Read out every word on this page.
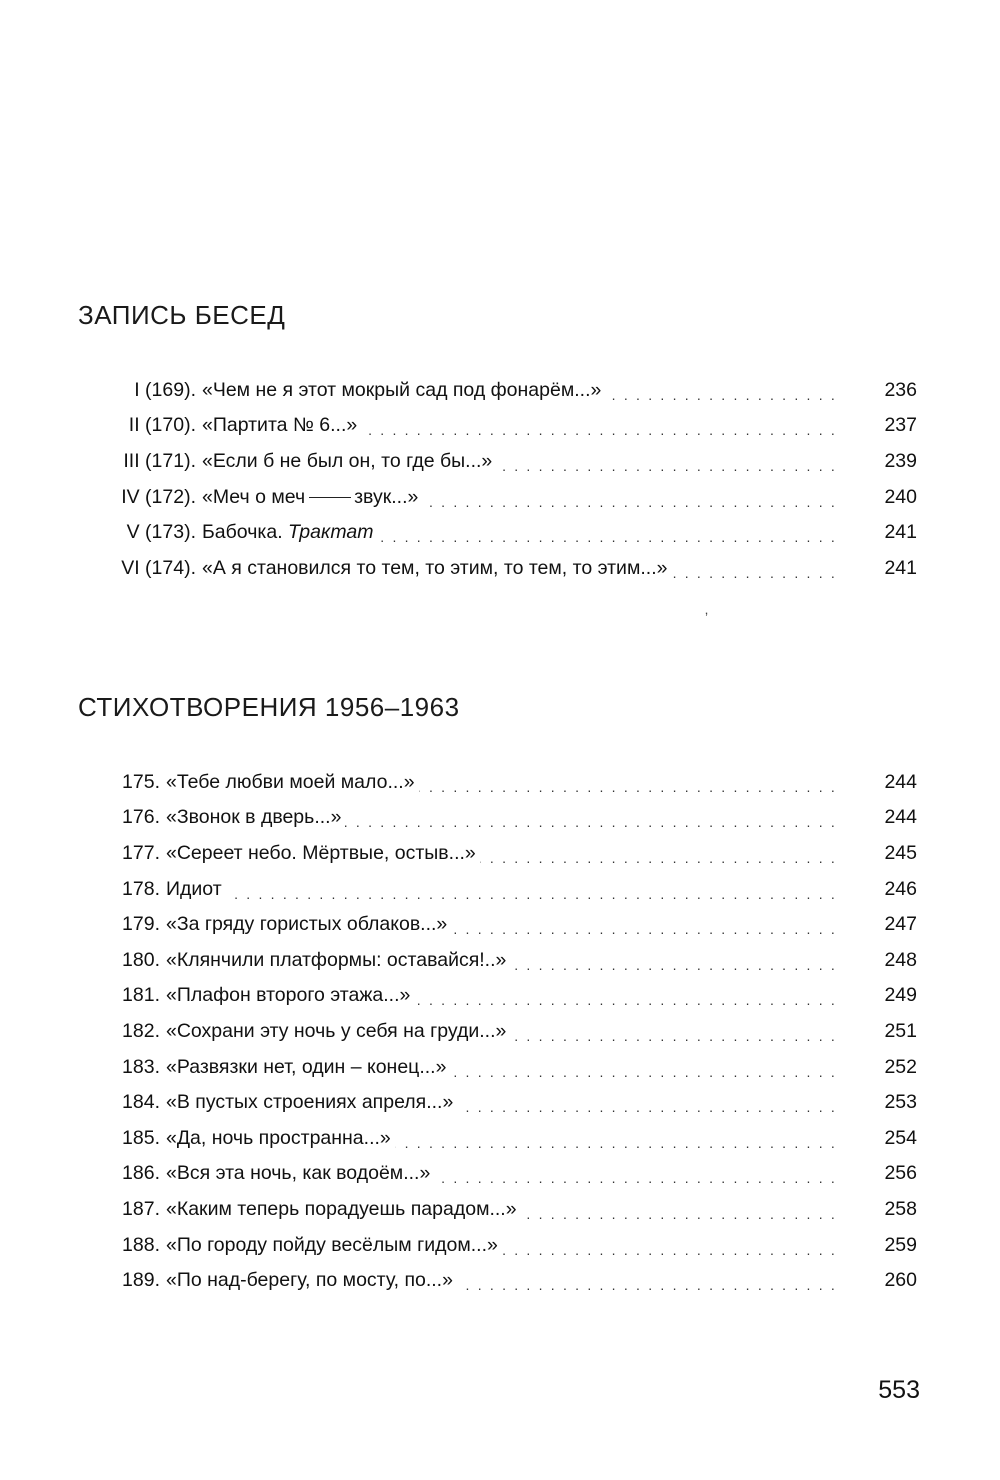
ЗАПИСЬ БЕСЕД
I (169). «Чем не я этот мокрый сад под фонарём...» . . .	236
II (170). «Партита № 6...» . . .	237
III (171). «Если б не был он, то где бы...» . . .	239
IV (172). «Меч о меч	звук...» . . .	240
V (173). Бабочка. Трактат . . .	241
VI (174). «А я становился то тем, то этим, то тем, то этим...» . . .	241
ʼ
СТИХОТВОРЕНИЯ 1956–1963
175. «Тебе любви моей мало...» . . .	244
176. «Звонок в дверь...» . . .	244
177. «Сереет небо. Мёртвые, остыв...» . . .	245
178. Идиот . . .	246
179. «За гряду гористых облаков...» . . .	247
180. «Клянчили платформы: оставайся!..» . . .	248
181. «Плафон второго этажа...» . . .	249
182. «Сохрани эту ночь у себя на груди...» . . .	251
183. «Развязки нет, один – конец...» . . .	252
184. «В пустых строениях апреля...» . . .	253
185. «Да, ночь пространна...» . . .	254
186. «Вся эта ночь, как водоём...» . . .	256
187. «Каким теперь порадуешь парадом...» . . .	258
188. «По городу пойду весёлым гидом...» . . .	259
189. «По над-берегу, по мосту, по...» . . .	260
553
